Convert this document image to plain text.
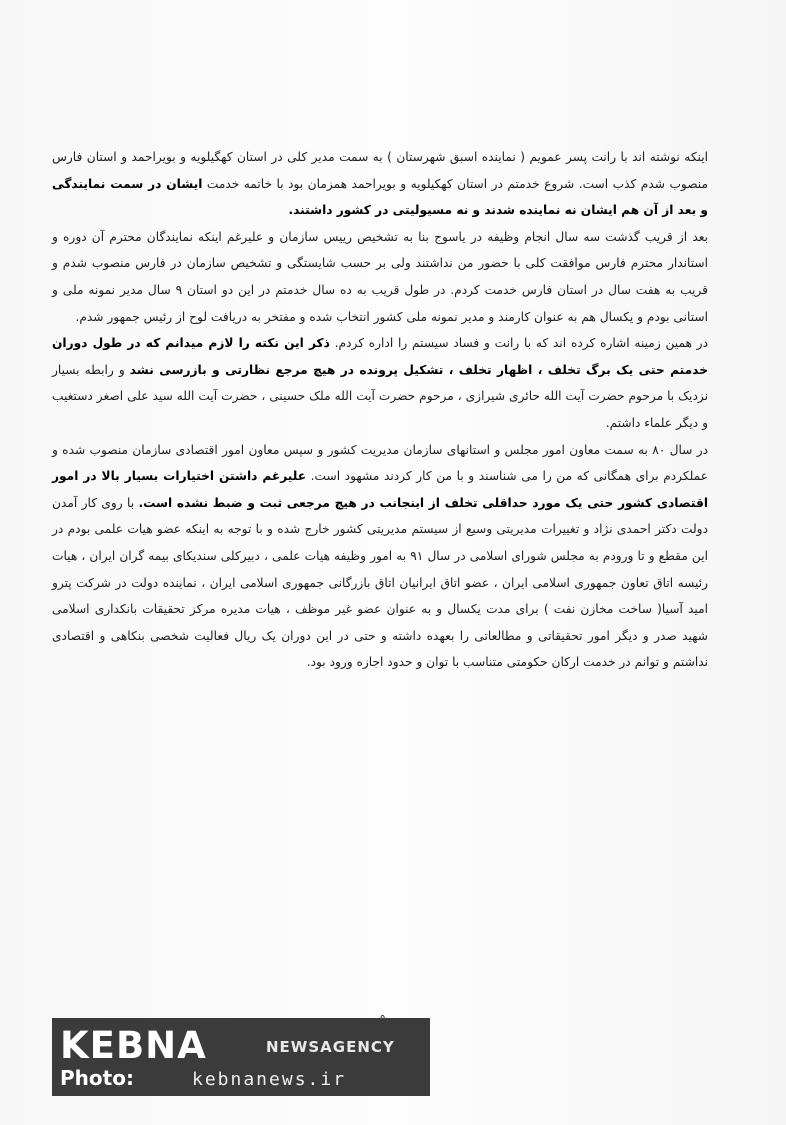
اینکه نوشته اند با رانت پسر عمویم ( نماینده اسبق شهرستان ) به سمت مدیر کلی در استان کهگیلویه و بویراحمد و استان فارس منصوب شدم کذب است. شروع خدمتم در استان کهکیلویه و بویراحمد همزمان بود با خاتمه خدمت ایشان در سمت نمایندگی و بعد از آن هم ایشان نه نماینده شدند و نه مسیولیتی در کشور داشتند.

بعد از قریب گذشت سه سال انجام وظیفه در یاسوج بنا به تشخیص رییس سازمان و علیرغم اینکه نمایندگان محترم آن دوره و استاندار محترم فارس موافقت کلی با حضور من نداشتند ولی بر حسب شایستگی و تشخیص سازمان در فارس منصوب شدم و قریب به هفت سال در استان فارس خدمت کردم. در طول قریب به ده سال خدمتم در این دو استان ۹ سال مدیر نمونه ملی و استانی بودم و یکسال هم به عنوان کارمند و مدیر نمونه ملی کشور انتخاب شده و مفتخر به دریافت لوح از رئیس جمهور شدم.

در همین زمینه اشاره کرده اند که با رانت و فساد سیستم را اداره کردم. ذکر این نکته را لازم میدانم که در طول دوران خدمتم حتی یک برگ تخلف ، اظهار تخلف ، تشکیل پرونده در هیچ مرجع نظارتی و بازرسی نشد و رابطه بسیار نزدیک با مرحوم حضرت آیت الله حائری شیرازی ، مرحوم حضرت آیت الله ملک حسینی ، حضرت آیت الله سید علی اصغر دستغیب و دیگر علماء داشتم.

در سال ۸۰ به سمت معاون امور مجلس و استانهای سازمان مدیریت کشور و سپس معاون امور اقتصادی سازمان منصوب شده و عملکردم برای همگانی که من را می شناسند و با من کار کردند مشهود است. علیرغم داشتن اختیارات بسیار بالا در امور اقتصادی کشور حتی یک مورد حداقلی تخلف از اینجانب در هیچ مرجعی ثبت و ضبط نشده است. با روی کار آمدن دولت دکتر احمدی نژاد و تغییرات مدیریتی وسیع از سیستم مدیریتی کشور خارج شده و با توجه به اینکه عضو هیات علمی بودم در این مقطع و تا ورودم به مجلس شورای اسلامی در سال ۹۱ به امور وظیفه هیات علمی ، دبیرکلی سندیکای بیمه گران ایران ، هیات رئیسه اتاق تعاون جمهوری اسلامی ایران ، عضو اتاق ایرانیان اتاق بازرگانی جمهوری اسلامی ایران ، نماینده دولت در شرکت پترو امید آسیا( ساخت مخازن نفت ) برای مدت یکسال و به عنوان عضو غیر موظف ، هیات مدیره مرکز تحقیقات بانکداری اسلامی شهید صدر و دیگر امور تحقیقاتی و مطالعاتی را بعهده داشته و حتی در این دوران یک ریال فعالیت شخصی بنکاهی و اقتصادی نداشتم و توانم در خدمت ارکان حکومتی متناسب با توان و حدود اجازه ورود بود.

KEBNA	NEWSAGENCY
Photo:	kebnanews.ir
